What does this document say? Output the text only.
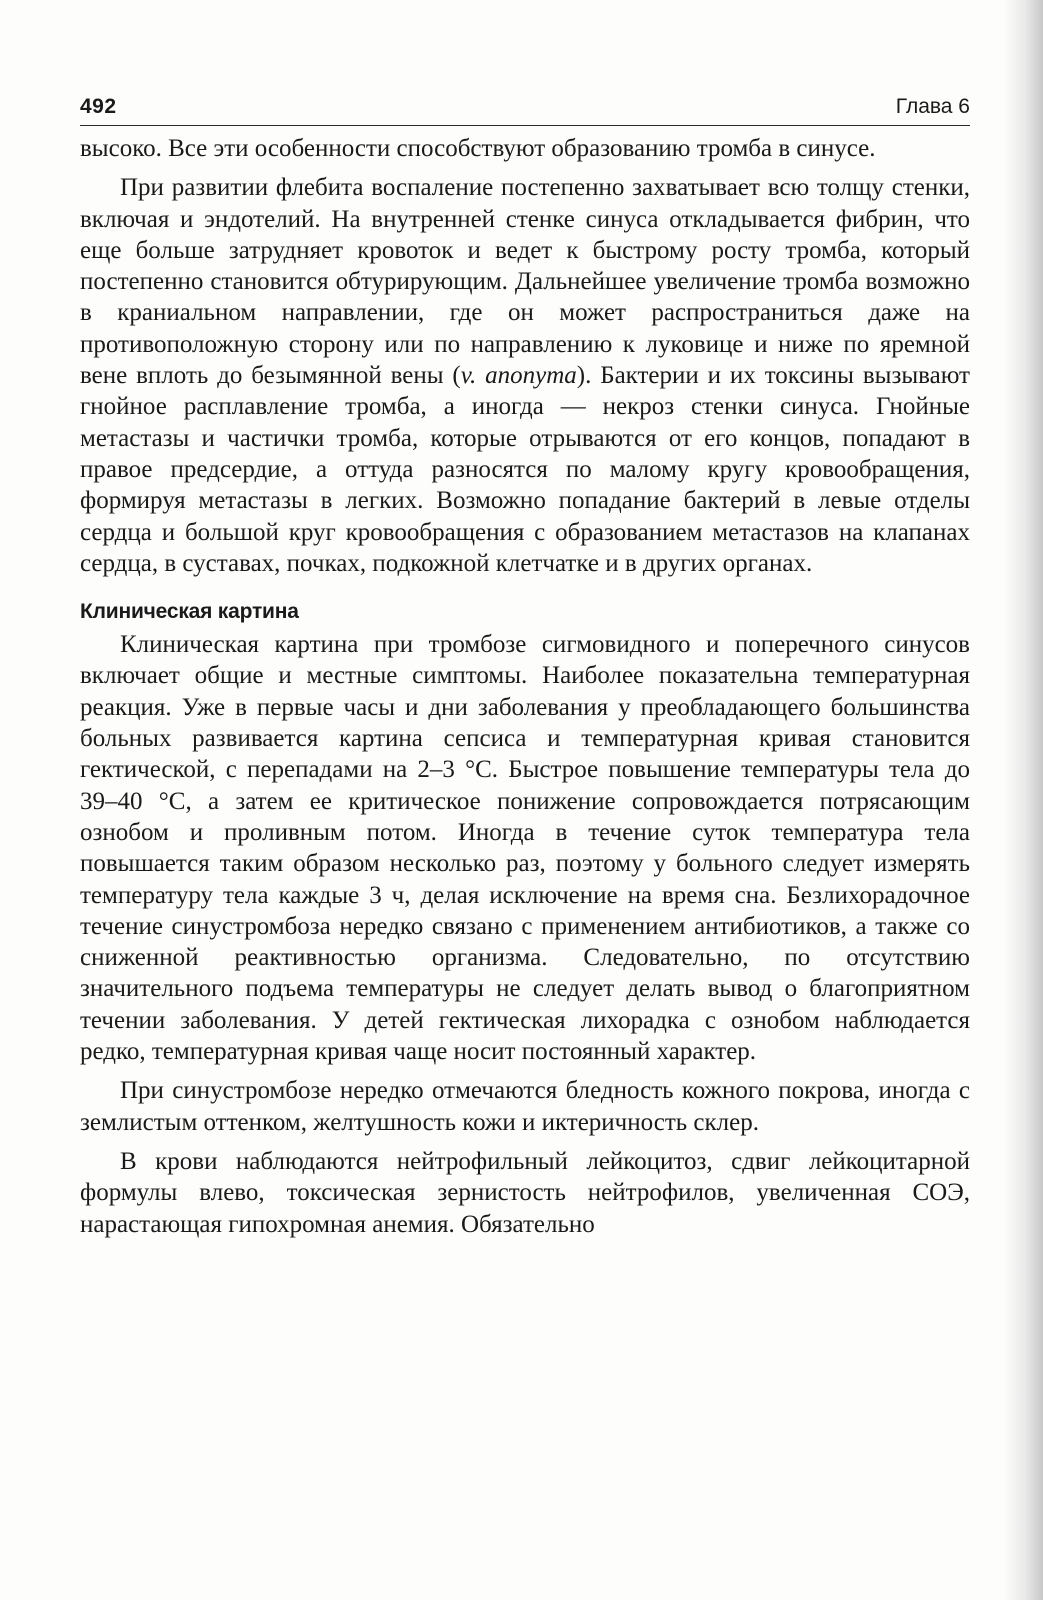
492	Глава 6

высоко. Все эти особенности способствуют образованию тромба в синусе.

При развитии флебита воспаление постепенно захватывает всю толщу стенки, включая и эндотелий. На внутренней стенке синуса откладывается фибрин, что еще больше затрудняет кровоток и ведет к быстрому росту тромба, который постепенно становится обтурирующим. Дальнейшее увеличение тромба возможно в краниальном направлении, где он может распространиться даже на противоположную сторону или по направлению к луковице и ниже по яремной вене вплоть до безымянной вены (v. anonyma). Бактерии и их токсины вызывают гнойное расплавление тромба, а иногда — некроз стенки синуса. Гнойные метастазы и частички тромба, которые отрываются от его концов, попадают в правое предсердие, а оттуда разносятся по малому кругу кровообращения, формируя метастазы в легких. Возможно попадание бактерий в левые отделы сердца и большой круг кровообращения с образованием метастазов на клапанах сердца, в суставах, почках, подкожной клетчатке и в других органах.

Клиническая картина

Клиническая картина при тромбозе сигмовидного и поперечного синусов включает общие и местные симптомы. Наиболее показательна температурная реакция. Уже в первые часы и дни заболевания у преобладающего большинства больных развивается картина сепсиса и температурная кривая становится гектической, с перепадами на 2–3 °С. Быстрое повышение температуры тела до 39–40 °С, а затем ее критическое понижение сопровождается потрясающим ознобом и проливным потом. Иногда в течение суток температура тела повышается таким образом несколько раз, поэтому у больного следует измерять температуру тела каждые 3 ч, делая исключение на время сна. Безлихорадочное течение синустромбоза нередко связано с применением антибиотиков, а также со сниженной реактивностью организма. Следовательно, по отсутствию значительного подъема температуры не следует делать вывод о благоприятном течении заболевания. У детей гектическая лихорадка с ознобом наблюдается редко, температурная кривая чаще носит постоянный характер.

При синустромбозе нередко отмечаются бледность кожного покрова, иногда с землистым оттенком, желтушность кожи и иктеричность склер.

В крови наблюдаются нейтрофильный лейкоцитоз, сдвиг лейкоцитарной формулы влево, токсическая зернистость нейтрофилов, увеличенная СОЭ, нарастающая гипохромная анемия. Обязательно
